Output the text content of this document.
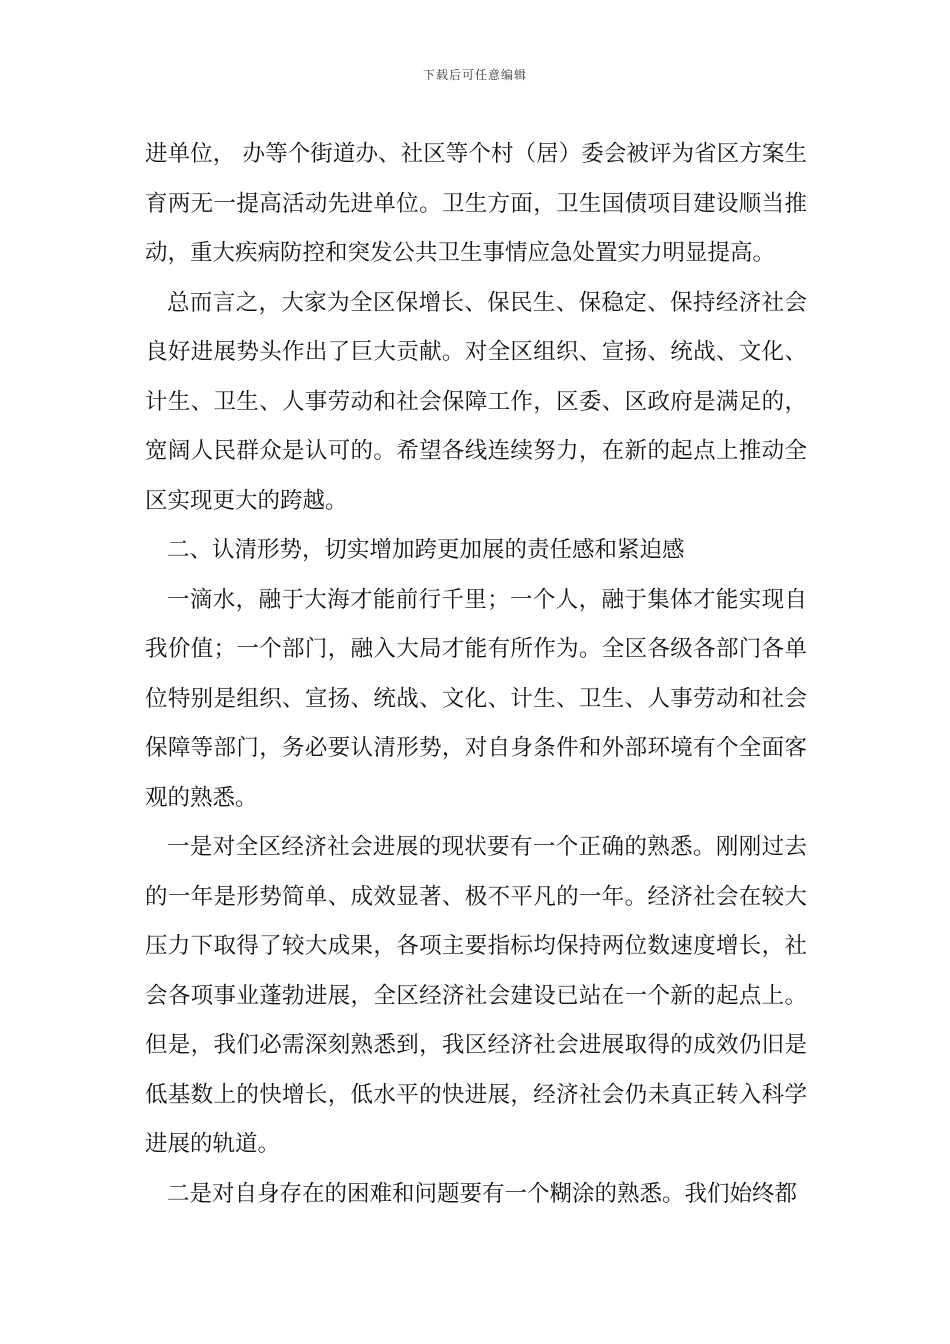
下载后可任意编辑

进单位， 办等个街道办、社区等个村（居）委会被评为省区方案生育两无一提高活动先进单位。卫生方面，卫生国债项目建设顺当推动，重大疾病防控和突发公共卫生事情应急处置实力明显提高。

总而言之，大家为全区保增长、保民生、保稳定、保持经济社会良好进展势头作出了巨大贡献。对全区组织、宣扬、统战、文化、计生、卫生、人事劳动和社会保障工作，区委、区政府是满足的，宽阔人民群众是认可的。希望各线连续努力，在新的起点上推动全区实现更大的跨越。

二、认清形势，切实增加跨更加展的责任感和紧迫感

一滴水，融于大海才能前行千里；一个人，融于集体才能实现自我价值；一个部门，融入大局才能有所作为。全区各级各部门各单位特别是组织、宣扬、统战、文化、计生、卫生、人事劳动和社会保障等部门，务必要认清形势，对自身条件和外部环境有个全面客观的熟悉。

一是对全区经济社会进展的现状要有一个正确的熟悉。刚刚过去的一年是形势简单、成效显著、极不平凡的一年。经济社会在较大压力下取得了较大成果，各项主要指标均保持两位数速度增长，社会各项事业蓬勃进展，全区经济社会建设已站在一个新的起点上。但是，我们必需深刻熟悉到，我区经济社会进展取得的成效仍旧是低基数上的快增长，低水平的快进展，经济社会仍未真正转入科学进展的轨道。

二是对自身存在的困难和问题要有一个糊涂的熟悉。我们始终都
